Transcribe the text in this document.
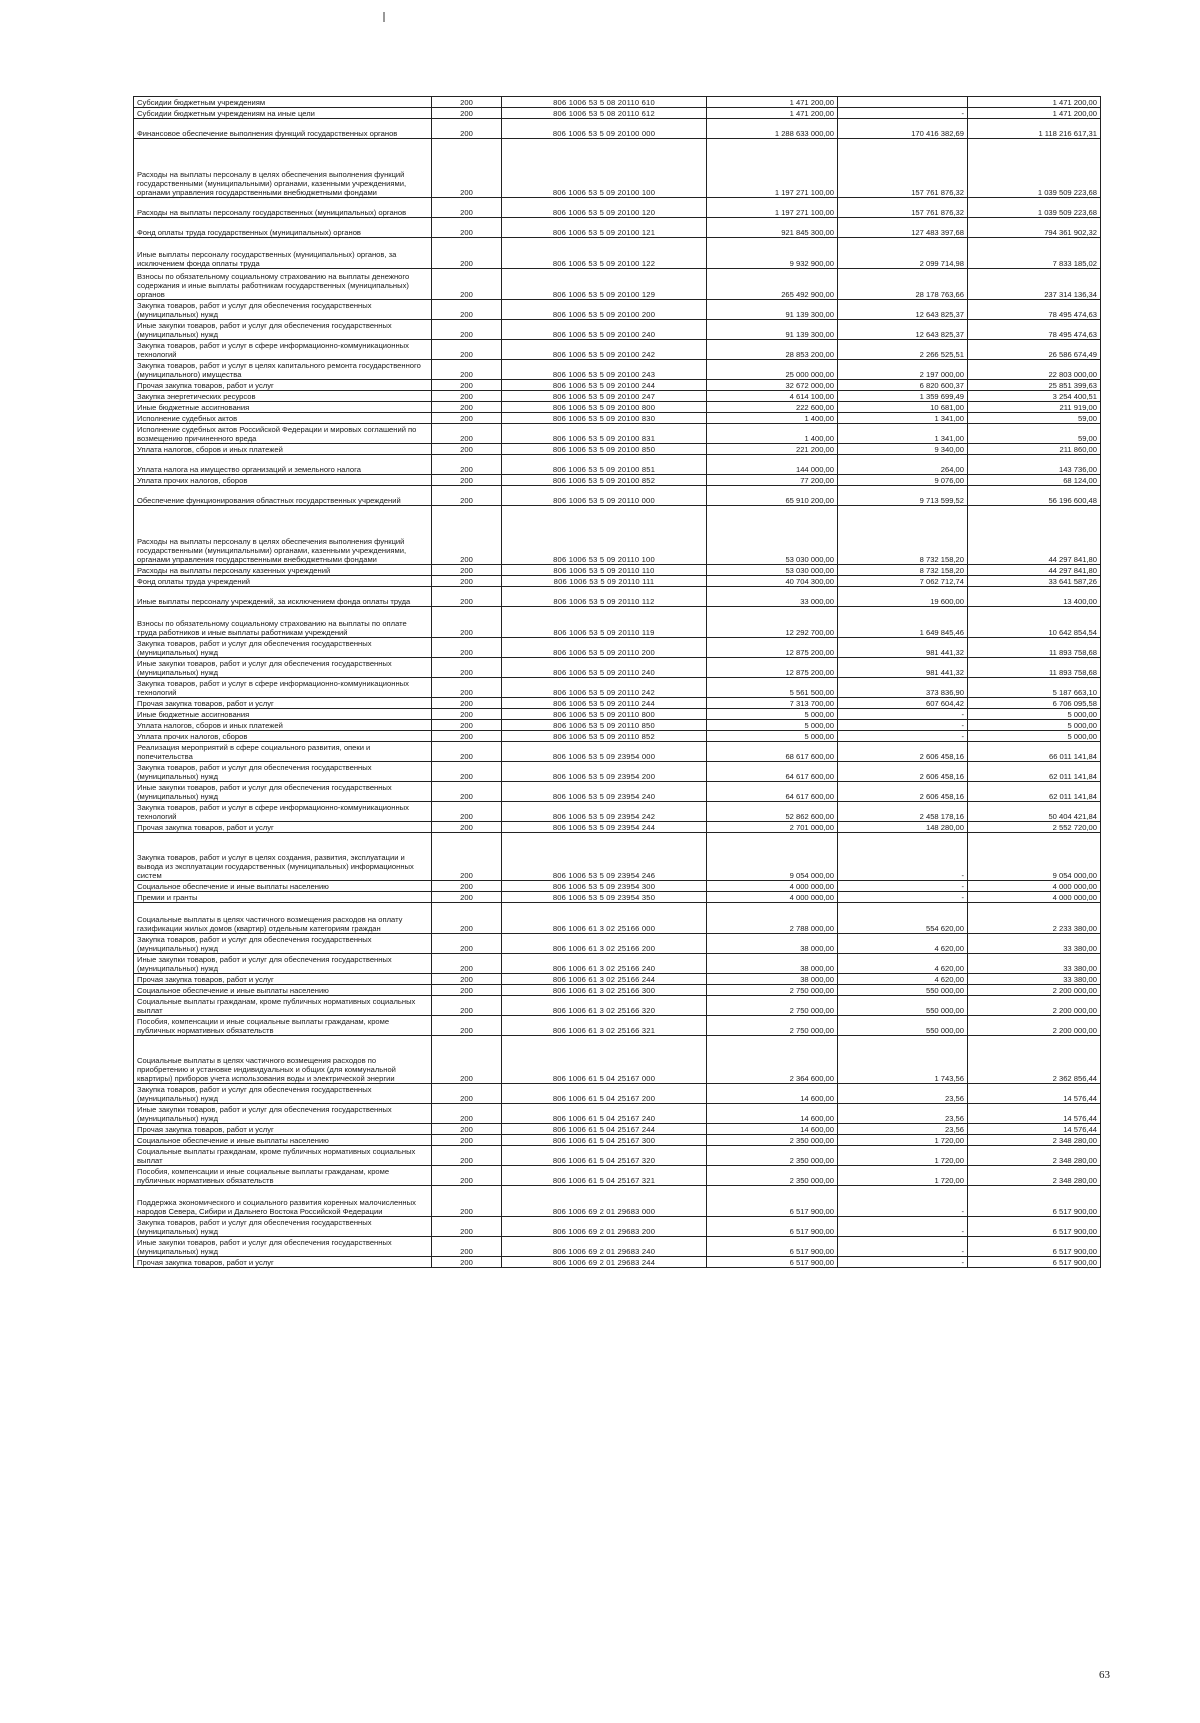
Субсидии бюджетным учреждениям	200	806 1006 53 5 08 20110 610	1 471 200,00		1 471 200,00
Субсидии бюджетным учреждениям на иные цели	200	806 1006 53 5 08 20110 612	1 471 200,00	-	1 471 200,00
Финансовое обеспечение выполнения функций государственных органов	200	806 1006 53 5 09 20100 000	1 288 633 000,00	170 416 382,69	1 118 216 617,31
Расходы на выплаты персоналу в целях обеспечения выполнения функций государственными (муниципальными) органами, казенными учреждениями, органами управления государственными внебюджетными фондами	200	806 1006 53 5 09 20100 100	1 197 271 100,00	157 761 876,32	1 039 509 223,68
Расходы на выплаты персоналу государственных (муниципальных) органов	200	806 1006 53 5 09 20100 120	1 197 271 100,00	157 761 876,32	1 039 509 223,68
Фонд оплаты труда государственных (муниципальных) органов	200	806 1006 53 5 09 20100 121	921 845 300,00	127 483 397,68	794 361 902,32
Иные выплаты персоналу государственных (муниципальных) органов, за исключением фонда оплаты труда	200	806 1006 53 5 09 20100 122	9 932 900,00	2 099 714,98	7 833 185,02
Взносы по обязательному социальному страхованию на выплаты денежного содержания и иные выплаты работникам государственных (муниципальных) органов	200	806 1006 53 5 09 20100 129	265 492 900,00	28 178 763,66	237 314 136,34
Закупка товаров, работ и услуг для обеспечения государственных (муниципальных) нужд	200	806 1006 53 5 09 20100 200	91 139 300,00	12 643 825,37	78 495 474,63
Иные закупки товаров, работ и услуг для обеспечения государственных (муниципальных) нужд	200	806 1006 53 5 09 20100 240	91 139 300,00	12 643 825,37	78 495 474,63
Закупка товаров, работ и услуг в сфере информационно-коммуникационных технологий	200	806 1006 53 5 09 20100 242	28 853 200,00	2 266 525,51	26 586 674,49
Закупка товаров, работ и услуг в целях капитального ремонта государственного (муниципального) имущества	200	806 1006 53 5 09 20100 243	25 000 000,00	2 197 000,00	22 803 000,00
Прочая закупка товаров, работ и услуг	200	806 1006 53 5 09 20100 244	32 672 000,00	6 820 600,37	25 851 399,63
Закупка энергетических ресурсов	200	806 1006 53 5 09 20100 247	4 614 100,00	1 359 699,49	3 254 400,51
Иные бюджетные ассигнования	200	806 1006 53 5 09 20100 800	222 600,00	10 681,00	211 919,00
Исполнение судебных актов	200	806 1006 53 5 09 20100 830	1 400,00	1 341,00	59,00
Исполнение судебных актов Российской Федерации и мировых соглашений по возмещению причиненного вреда	200	806 1006 53 5 09 20100 831	1 400,00	1 341,00	59,00
Уплата налогов, сборов и иных платежей	200	806 1006 53 5 09 20100 850	221 200,00	9 340,00	211 860,00
Уплата налога на имущество организаций и земельного налога	200	806 1006 53 5 09 20100 851	144 000,00	264,00	143 736,00
Уплата прочих налогов, сборов	200	806 1006 53 5 09 20100 852	77 200,00	9 076,00	68 124,00
Обеспечение функционирования областных государственных учреждений	200	806 1006 53 5 09 20110 000	65 910 200,00	9 713 599,52	56 196 600,48
Расходы на выплаты персоналу в целях обеспечения выполнения функций государственными (муниципальными) органами, казенными учреждениями, органами управления государственными внебюджетными фондами	200	806 1006 53 5 09 20110 100	53 030 000,00	8 732 158,20	44 297 841,80
Расходы на выплаты персоналу казенных учреждений	200	806 1006 53 5 09 20110 110	53 030 000,00	8 732 158,20	44 297 841,80
Фонд оплаты труда учреждений	200	806 1006 53 5 09 20110 111	40 704 300,00	7 062 712,74	33 641 587,26
Иные выплаты персоналу учреждений, за исключением фонда оплаты труда	200	806 1006 53 5 09 20110 112	33 000,00	19 600,00	13 400,00
Взносы по обязательному социальному страхованию на выплаты по оплате труда работников и иные выплаты работникам учреждений	200	806 1006 53 5 09 20110 119	12 292 700,00	1 649 845,46	10 642 854,54
Закупка товаров, работ и услуг для обеспечения государственных (муниципальных) нужд	200	806 1006 53 5 09 20110 200	12 875 200,00	981 441,32	11 893 758,68
Иные закупки товаров, работ и услуг для обеспечения государственных (муниципальных) нужд	200	806 1006 53 5 09 20110 240	12 875 200,00	981 441,32	11 893 758,68
Закупка товаров, работ и услуг в сфере информационно-коммуникационных технологий	200	806 1006 53 5 09 20110 242	5 561 500,00	373 836,90	5 187 663,10
Прочая закупка товаров, работ и услуг	200	806 1006 53 5 09 20110 244	7 313 700,00	607 604,42	6 706 095,58
Иные бюджетные ассигнования	200	806 1006 53 5 09 20110 800	5 000,00	-	5 000,00
Уплата налогов, сборов и иных платежей	200	806 1006 53 5 09 20110 850	5 000,00	-	5 000,00
Уплата прочих налогов, сборов	200	806 1006 53 5 09 20110 852	5 000,00	-	5 000,00
Реализация мероприятий в сфере социального развития, опеки и попечительства	200	806 1006 53 5 09 23954 000	68 617 600,00	2 606 458,16	66 011 141,84
Закупка товаров, работ и услуг для обеспечения государственных (муниципальных) нужд	200	806 1006 53 5 09 23954 200	64 617 600,00	2 606 458,16	62 011 141,84
Иные закупки товаров, работ и услуг для обеспечения государственных (муниципальных) нужд	200	806 1006 53 5 09 23954 240	64 617 600,00	2 606 458,16	62 011 141,84
Закупка товаров, работ и услуг в сфере информационно-коммуникационных технологий	200	806 1006 53 5 09 23954 242	52 862 600,00	2 458 178,16	50 404 421,84
Прочая закупка товаров, работ и услуг	200	806 1006 53 5 09 23954 244	2 701 000,00	148 280,00	2 552 720,00
Закупка товаров, работ и услуг в целях создания, развития, эксплуатации и вывода из эксплуатации государственных (муниципальных) информационных систем	200	806 1006 53 5 09 23954 246	9 054 000,00	-	9 054 000,00
Социальное обеспечение и иные выплаты населению	200	806 1006 53 5 09 23954 300	4 000 000,00	-	4 000 000,00
Премии и гранты	200	806 1006 53 5 09 23954 350	4 000 000,00	-	4 000 000,00
Социальные выплаты в целях частичного возмещения расходов на оплату газификации жилых домов (квартир) отдельным категориям граждан	200	806 1006 61 3 02 25166 000	2 788 000,00	554 620,00	2 233 380,00
Закупка товаров, работ и услуг для обеспечения государственных (муниципальных) нужд	200	806 1006 61 3 02 25166 200	38 000,00	4 620,00	33 380,00
Иные закупки товаров, работ и услуг для обеспечения государственных (муниципальных) нужд	200	806 1006 61 3 02 25166 240	38 000,00	4 620,00	33 380,00
Прочая закупка товаров, работ и услуг	200	806 1006 61 3 02 25166 244	38 000,00	4 620,00	33 380,00
Социальное обеспечение и иные выплаты населению	200	806 1006 61 3 02 25166 300	2 750 000,00	550 000,00	2 200 000,00
Социальные выплаты гражданам, кроме публичных нормативных социальных выплат	200	806 1006 61 3 02 25166 320	2 750 000,00	550 000,00	2 200 000,00
Пособия, компенсации и иные социальные выплаты гражданам, кроме публичных нормативных обязательств	200	806 1006 61 3 02 25166 321	2 750 000,00	550 000,00	2 200 000,00
Социальные выплаты в целях частичного возмещения расходов по приобретению и установке индивидуальных и общих (для коммунальной квартиры) приборов учета использования воды и электрической энергии	200	806 1006 61 5 04 25167 000	2 364 600,00	1 743,56	2 362 856,44
Закупка товаров, работ и услуг для обеспечения государственных (муниципальных) нужд	200	806 1006 61 5 04 25167 200	14 600,00	23,56	14 576,44
Иные закупки товаров, работ и услуг для обеспечения государственных (муниципальных) нужд	200	806 1006 61 5 04 25167 240	14 600,00	23,56	14 576,44
Прочая закупка товаров, работ и услуг	200	806 1006 61 5 04 25167 244	14 600,00	23,56	14 576,44
Социальное обеспечение и иные выплаты населению	200	806 1006 61 5 04 25167 300	2 350 000,00	1 720,00	2 348 280,00
Социальные выплаты гражданам, кроме публичных нормативных социальных выплат	200	806 1006 61 5 04 25167 320	2 350 000,00	1 720,00	2 348 280,00
Пособия, компенсации и иные социальные выплаты гражданам, кроме публичных нормативных обязательств	200	806 1006 61 5 04 25167 321	2 350 000,00	1 720,00	2 348 280,00
Поддержка экономического и социального развития коренных малочисленных народов Севера, Сибири и Дальнего Востока Российской Федерации	200	806 1006 69 2 01 29683 000	6 517 900,00	-	6 517 900,00
Закупка товаров, работ и услуг для обеспечения государственных (муниципальных) нужд	200	806 1006 69 2 01 29683 200	6 517 900,00	-	6 517 900,00
Иные закупки товаров, работ и услуг для обеспечения государственных (муниципальных) нужд	200	806 1006 69 2 01 29683 240	6 517 900,00	-	6 517 900,00
Прочая закупка товаров, работ и услуг	200	806 1006 69 2 01 29683 244	6 517 900,00	-	6 517 900,00
63
